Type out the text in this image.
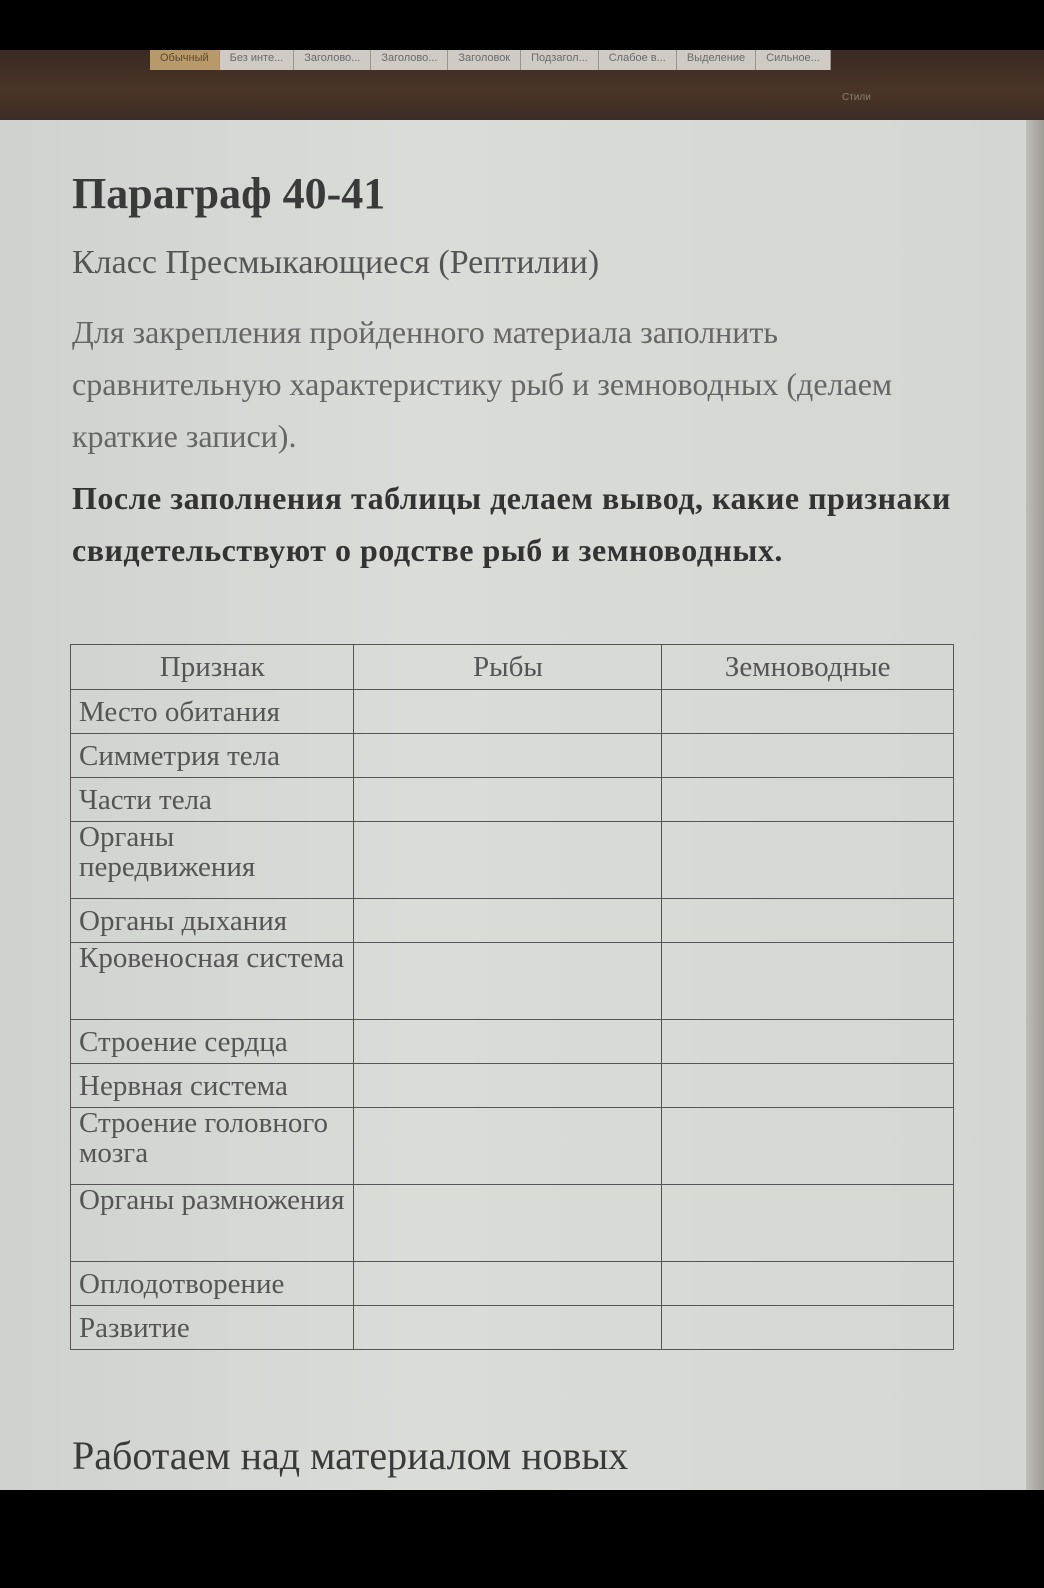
Обычный	Без инте...	Заголово...	Заголово...	Заголовок	Подзагол...	Слабое в...	Выделение	Сильное...
Стили
Параграф 40-41

Класс Пресмыкающиеся (Рептилии)

Для закрепления пройденного материала заполнить сравнительную характеристику рыб и земноводных (делаем краткие записи).

После заполнения таблицы делаем вывод, какие признаки свидетельствуют о родстве рыб и земноводных.

Признак	Рыбы	Земноводные
Место обитания		
Симметрия тела		
Части тела		
Органы передвижения		
Органы дыхания		
Кровеносная система		
Строение сердца		
Нервная система		
Строение головного мозга		
Органы размножения		
Оплодотворение		
Развитие		

Работаем над материалом новых
